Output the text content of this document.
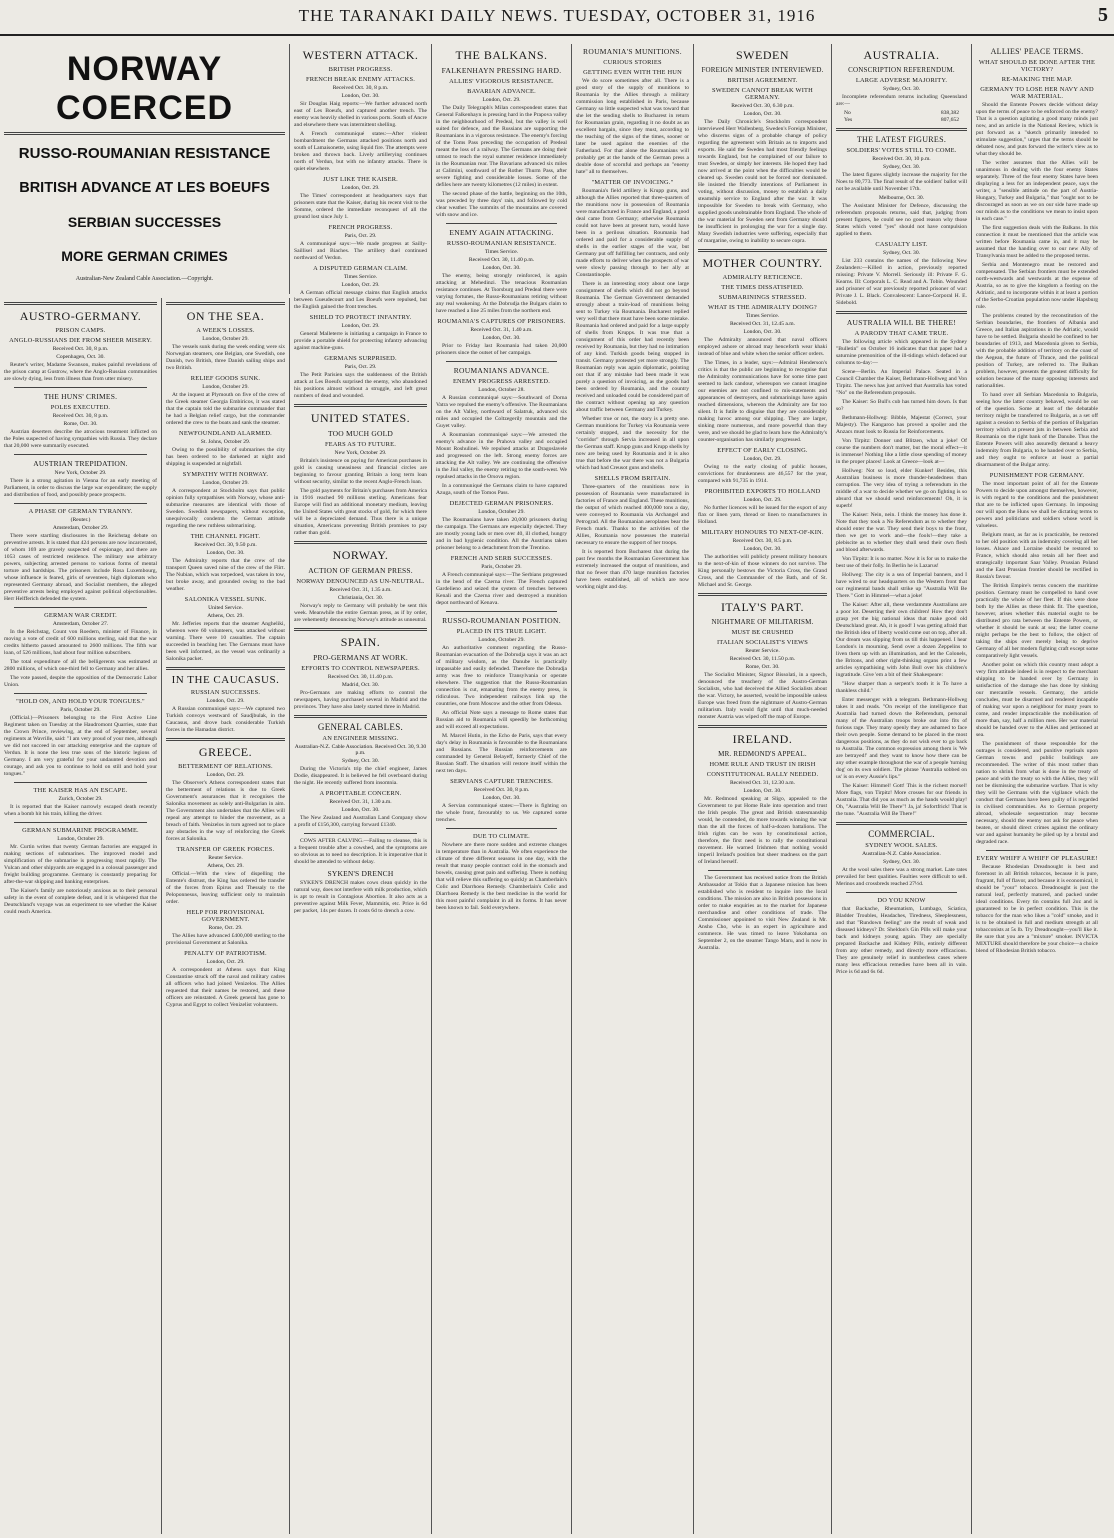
THE TARANAKI DAILY NEWS. TUESDAY, OCTOBER 31, 1916	5
NORWAY COERCED
RUSSO-ROUMANIAN RESISTANCE
BRITISH ADVANCE AT LES BOEUFS
SERBIAN SUCCESSES
MORE GERMAN CRIMES
Australian-New Zealand Cable Association.—Copyright.
AUSTRO-GERMANY.
PRISON CAMPS.
ANGLO-RUSSIANS DIE FROM SHEER MISERY.
Received Oct. 30, 8 p.m.
Copenhagen, Oct. 30.

Reuter's writer, Madame Swanson, makes painful revelations of the prison camp at Gustrow, where the Anglo-Russian communities are slowly dying, less from illness than from utter misery.

THE HUNS' CRIMES.
POLES EXECUTED.
Received Oct. 30, 8 p.m.
Rome, Oct. 30.

Austrian deserters describe the atrocious treatment inflicted on the Poles suspected of having sympathies with Russia. They declare that 20,000 were summarily executed.

AUSTRIAN TREPIDATION.
New York, October 29.

There is a strong agitation in Vienna for an early meeting of Parliament, in order to discuss the large war expenditure; the supply and distribution of food, and possibly peace prospects.

A PHASE OF GERMAN TYRANNY.
(Reuter.)
Amsterdam, October 29.

There were startling disclosures in the Reichstag debate on preventive arrests. It is stated that 424 persons are now incarcerated, of whom 169 are gravely suspected of espionage, and there are 1053 cases of restricted residence. The military use arbitrary powers, subjecting arrested persons to various forms of mental torture and hardships. The prisoners include Rosa Luxembourg, whose influence is feared, girls of seventeen, high diplomats who represented Germany abroad, and Socialist members, the alleged preventive arrests being employed against political objectionables. Herr Helfferich defended the system.

GERMAN WAR CREDIT.
Amsterdam, October 27.

In the Reichstag, Count von Roedern, minister of Finance, in moving a vote of credit of 600 millions sterling, said that the war credits hitherto passed amounted to 2600 millions. The fifth war loan, of 526 millions, had about four million subscribers.

The total expenditure of all the belligerents was estimated at 2800 millions, of which one-third fell to Germany and her allies.

The vote passed, despite the opposition of the Democratic Labor Union.

"HOLD ON, AND HOLD YOUR TONGUES."
Paris, October 29.

(Official.)—Prisoners belonging to the First Active Line Regiment taken on Tuesday at the Haudromont Quarries, state that the Crown Prince, reviewing, at the end of September, several regiments at Wavrille, said: "I am very proud of your men, although we did not succeed in our attacking enterprise and the capture of Verdun. It is none the less true sons of the historic legions of Germany. I am very grateful for your undaunted devotion and courage, and ask you to continue to hold on still and hold your tongues."

THE KAISER HAS AN ESCAPE.
Zurich, October 29.

It is reported that the Kaiser narrowly escaped death recently when a bomb hit his train, killing the driver.

GERMAN SUBMARINE PROGRAMME.
London, October 29.

Mr. Curtin writes that twenty German factories are engaged in making sections of submarines. The improved model and simplification of the submarine is progressing most rapidly. The Vulcan and other shipyards are engaged in a colossal passenger and freight building programme. Germany is constantly preparing for after-the-war shipping and banking enterprises.

The Kaiser's family are notoriously anxious as to their personal safety in the event of complete defeat, and it is whispered that the Deutschland's voyage was an experiment to see whether the Kaiser could reach America.

ON THE SEA.
A WEEK'S LOSSES.
London, October 29.

The vessels sunk during the week ending were six Norwegian steamers, one Belgian, one Swedish, one Danish, two British, three Danish sailing ships and two British.

RELIEF GOODS SUNK.
London, October 29.

At the inquest at Plymouth on five of the crew of the Greek steamer Georgia Embiricos, it was stated that the captain told the submarine commander that he had a Belgian relief cargo, but the commander ordered the crew to the boats and sank the steamer.

NEWFOUNDLAND ALARMED.
St. Johns, October 29.

Owing to the possibility of submarines the city has been ordered to be darkened at night and shipping is suspended at nightfall.

SYMPATHY WITH NORWAY.
London, October 29.

A correspondent at Stockholm says that public opinion fully sympathises with Norway, whose anti-submarine measures are identical with those of Sweden. Swedish newspapers, without exception, unequivocally condemn the German attitude regarding the new ruthless submarining.

THE CHANNEL FIGHT.
Received Oct. 30, 9.50 p.m.
London, Oct. 30.

The Admiralty reports that the crew of the transport Queen saved nine of the crew of the Flirt. The Nubian, which was torpedoed, was taken in tow, but broke away, and grounded owing to the bad weather.

SALONIKA VESSEL SUNK.
United Service.
Athens, Oct. 29.

Mr. Jefferies reports that the steamer Angheliki, whereon were 60 volunteers, was attacked without warning. There were 10 casualties. The captain succeeded in beaching her. The Germans must have been well informed, as the vessel was ordinarily a Salonika packet.

IN THE CAUCASUS.
RUSSIAN SUCCESSES.
London, Oct. 29.

A Russian communiqué says:—We captured two Turkish convoys westward of Saudjbulak, in the Caucasus, and drove back considerable Turkish forces in the Hamadan district.

GREECE.
BETTERMENT OF RELATIONS.
London, Oct. 29.

The Observer's Athens correspondent states that the betterment of relations is due to Greek Government's assurances that it recognises the Salonika movement as solely anti-Bulgarian in aim. The Government also undertakes that the Allies will repeal any attempt to hinder the movement, as a breach of faith. Venizelos in turn agreed not to place any obstacles in the way of reinforcing the Greek forces at Salonika.

TRANSFER OF GREEK FORCES.
Reuter Service.
Athens, Oct. 29.

Official.—With the view of dispelling the Entente's distrust, the King has ordered the transfer of the forces from Epirus and Thessaly to the Peloponnesus, leaving sufficient only to maintain order.

HELP FOR PROVISIONAL GOVERNMENT.
Rome, Oct. 29.

The Allies have advanced £400,000 sterling to the provisional Government at Salonika.

PENALTY OF PATRIOTISM.
London, Oct. 29.

A correspondent at Athens says that King Constantine struck off the naval and military cadres all officers who had joined Venizelos. The Allies requested that their names be restored, and these officers are reinstated. A Greek general has gone to Cyprus and Egypt to collect Venizelist volunteers.

WESTERN ATTACK.
BRITISH PROGRESS.
FRENCH BREAK ENEMY ATTACKS.
Received Oct. 30, 8 p.m.
London, Oct. 30.

Sir Douglas Haig reports:—We further advanced north east of Les Boeufs, and captured another trench. The enemy was heavily shelled in various ports. South of Ancre and elsewhere there was intermittent shelling.

A French communiqué states:—After violent bombardment the Germans attacked positions north and south of Lamaisonette, using liquid fire. The attempts were broken and thrown back. Lively artillerying continues north of Verdun, but with no infantry attacks. There is quiet elsewhere.

JUST LIKE THE KAISER.
London, Oct. 29.

The Times' correspondent at headquarters says that prisoners state that the Kaiser, during his recent visit to the Somme, ordered the immediate reconquest of all the ground lost since July 1.

FRENCH PROGRESS.
Paris, Oct. 29.

A communiqué says:—We made progress at Sailly-Saillisel and Biaches. The artillery duel continued northward of Verdun.

A DISPUTED GERMAN CLAIM.
Times Service.
London, Oct. 29.

A German official message claims that English attacks between Gueudecourt and Les Boeufs were repulsed, but the English gained the front trenches.

SHIELD TO PROTECT INFANTRY.
London, Oct. 29.

General Malleterre is initiating a campaign in France to provide a portable shield for protecting infantry advancing against machine-guns.

GERMANS SURPRISED.
Paris, Oct. 29.

The Petit Parisien says the suddenness of the British attack at Les Boeufs surprised the enemy, who abandoned his positions almost without a struggle, and left great numbers of dead and wounded.

UNITED STATES.
TOO MUCH GOLD
FEARS AS TO FUTURE.
New York, October 29.

Britain's insistence on paying for American purchases in gold is causing uneasiness and financial circles are beginning to favour granting Britain a long term loan without security, similar to the recent Anglo-French loan.

The gold payments for Britain's purchases from America in 1916 reached 90 millions sterling. Americans fear Europe will find an additional monetary medium, leaving the United States with great stocks of gold, for which there will be a depreciated demand. Thus there is a unique situation, Americans preventing British promises to pay rather than gold.

NORWAY.
ACTION OF GERMAN PRESS.
NORWAY DENOUNCED AS UN-NEUTRAL.
Received Oct. 31, 1.35 a.m.
Christiania, Oct. 30.

Norway's reply to Germany will probably be sent this week. Meanwhile the entire German press, as if by order, are vehemently denouncing Norway's attitude as unneutral.

SPAIN.
PRO-GERMANS AT WORK.
EFFORTS TO CONTROL NEWSPAPERS.
Received Oct. 30, 11.40 p.m.
Madrid, Oct. 30.

Pro-Germans are making efforts to control the newspapers, having purchased several in Madrid and the provinces. They have also lately started three in Madrid.

GENERAL CABLES.
AN ENGINEER MISSING.
Australian-N.Z. Cable Association. Received Oct. 30, 9.30 p.m.
Sydney, Oct. 30.

During the Victoria's trip the chief engineer, James Dodie, disappeared. It is believed he fell overboard during the night. He recently suffered from insomnia.

A PROFITABLE CONCERN.
Received Oct. 31, 1.30 a.m.
London, Oct. 30.

The New Zealand and Australian Land Company show a profit of £156,300, carrying forward £1340.

COWS AFTER CALVING.—Failing to cleanse, this is a frequent trouble after a cowshed, and the symptoms are so obvious as to need no description. It is imperative that it should be attended to without delay.

SYKEN'S DRENCH

SYKEN'S DRENCH makes cows clean quickly in the natural way, does not interfere with milk production, which is apt to result in Contagious Abortion. It also acts as a preventive against Milk Fever, Mammitis, etc. Price is 6d per packet, 14s per dozen. It costs 6d to drench a cow.

THE BALKANS.
FALKENHAYN PRESSING HARD.
ALLIES' VIGOROUS RESISTANCE.
BAVARIAN ADVANCE.
London, Oct. 29.

The Daily Telegraph's Milan correspondent states that General Falkenhayn is pressing hard in the Prapova valley in the neighbourhood of Predeal, but the valley is well suited for defence, and the Russians are supporting the Roumanians in a vigorous resistance. The enemy's forcing of the Toms Pass preceding the occupation of Predeal meant the loss of a railway. The Germans are doing their utmost to reach the royal summer residence immediately in the Roumanian rear. The Bavarians advanced six miles at Calimini, southward of the Rother Thurm Pass, after severe fighting and considerable losses. Some of the defiles here are twenty kilometres (12 miles) in extent.

The second phase of the battle, beginning on the 10th, was preceded by three days' rain, and followed by cold clear weather. The summits of the mountains are covered with snow and ice.

ENEMY AGAIN ATTACKING.
RUSSO-ROUMANIAN RESISTANCE.
Times Service.
Received Oct. 30, 11.40 p.m.
London, Oct. 30.

The enemy, being strongly reinforced, is again attacking at Mehedinzi. The tenacious Roumanian resistance continues. At Tsorsburg and Predeal there were varying fortunes, the Russo-Roumanians retiring without any real weakening. At the Dobrudja the Bulgars claim to have reached a line 25 miles from the northern end.

ROUMANIA'S CAPTURES OF PRISONERS.
Received Oct. 31, 1.40 a.m.
London, Oct. 30.

Prior to Friday last Roumania had taken 20,000 prisoners since the outset of her campaign.

ROUMANIANS ADVANCE.
ENEMY PROGRESS ARRESTED.
London, October 28.

A Russian communiqué says:—Southward of Dorna Vatra we repulsed the enemy's offensive. The Roumanians on the Alt Valley, northward of Salatruk, advanced six miles and occupied the Coltzegerily mountain and the Guyet valley.

A Roumanian communiqué says:—We arrested the enemy's advance in the Prahova valley and occupied Mount Roshulinei. We repulsed attacks at Dragoslavele and progressed on the left. Strong enemy forces are attacking the Alt valley. We are continuing the offensive in the Jiul valley, the enemy retiring to the south-west. We repulsed attacks in the Orsova region.

In a communiqué the Germans claim to have captured Azuga, south of the Tomos Pass.

DEJECTED GERMAN PRISONERS.
London, October 29.

The Roumanians have taken 20,000 prisoners during the campaign. The Germans are especially dejected. They are mostly young lads or men over 40, ill clothed, hungry and in bad hygienic condition. All the Austrians taken prisoner belong to a detachment from the Trentino.

FRENCH AND SERB SUCCESSES.
Paris, October 29.

A French communiqué says:—The Serbians progressed in the bend of the Czerna river. The French captured Gardelieno and seized the system of trenches between Kenali and the Czerna river and destroyed a munition depot northward of Kenava.

RUSSO-ROUMANIAN POSITION.
PLACED IN ITS TRUE LIGHT.
London, October 29.

An authoritative comment regarding the Russo-Roumanian evacuation of the Dobrudja says it was an act of military wisdom, as the Danube is practically impassable and easily defended. Therefore the Dobrudja army was free to reinforce Transylvania or operate elsewhere. The suggestion that the Russo-Roumanian connection is cut, emanating from the enemy press, is ridiculous. Two independent railways link up the countries, one from Moscow and the other from Odessa.

An official Note says a message to Rome states that Russian aid to Roumania will speedily be forthcoming and will exceed all expectations.

M. Marcel Hutin, in the Echo de Paris, says that every day's delay in Roumania is favourable to the Roumanians and Russians. The Russian reinforcements are commanded by General Belayeff, formerly Chief of the Russian Staff. The situation will restore itself within the next ten days.

SERVIANS CAPTURE TRENCHES.
Received Oct. 30, 8 p.m.
London, Oct. 30.

A Servian communiqué states:—There is fighting on the whole front, favourably to us. We captured some trenches.

DUE TO CLIMATE.

Nowhere are there more sudden and extreme changes in temperature than in Australia. We often experience the climate of three different seasons in one day, with the result that many people contract cold in the stomach and bowels, causing great pain and suffering. There is nothing that will relieve this suffering so quickly as Chamberlain's Colic and Diarrhoea Remedy. Chamberlain's Colic and Diarrhoea Remedy is the best medicine in the world for this most painful complaint in all its forms. It has never been known to fail. Sold everywhere.

ROUMANIA'S MUNITIONS.
CURIOUS STORIES
GETTING EVEN WITH THE HUN

We do score sometimes after all. There is a good story of the supply of munitions to Roumania by the Allies through a military commission long established in Paris, because Germany so little suspected what was toward that she let the sending shells to Bucharest in return for Roumanian grain, regarding it no doubt as an excellent bargain, since they must, according to the teaching of the signs of the times, sooner or later be used against the enemies of the Fatherland. For that alone the Roumanians will probably get at the hands of the German press a double dose of scornful and perhaps an "enemy hate" all to themselves.

"MATTER OF INVOICING."

Roumania's field artillery is Krupp guns, and although the Allies reported that three-quarters of the munitions now in possession of Roumania were manufactured in France and England, a good deal came from Germany; otherwise Roumania could not have been at present turn, would have been in a perilous situation. Roumania had ordered and paid for a considerable supply of shells in the earlier stages of the war, but Germany put off fulfilling her contracts, and only made efforts to deliver when the prospects of war were slowly passing through to her ally at Constantinople.

There is an interesting story about one large consignment of shells which did not go beyond Roumania. The German Government demanded strongly about a train-load of munitions being sent to Turkey via Roumania. Bucharest replied very well that there must have been some mistake. Roumania had ordered and paid for a large supply of shells from Krupps. It was true that a consignment of this order had recently been received by Roumania, but they had no intimation of any kind. Turkish goods being stopped in transit. Germany protested yet more strongly. The Roumanian reply was again diplomatic, pointing out that if any mistake had been made it was purely a question of invoicing, as the goods had been ordered by Roumania, and the country received and unloaded could be considered part of the contract without opening up any question about traffic between Germany and Turkey.

Whether true or not, the story is a pretty one. German munitions for Turkey via Roumania were certainly stopped, and the necessity for the "corridor" through Servia increased in all upon the German staff. Krupp guns and Krupp shells by now are being used by Roumania and it is also true that before the war there was not a Bulgaria which had had Creusot guns and shells.

SHELLS FROM BRITAIN.

Three-quarters of the munitions now in possession of Roumania were manufactured in factories of France and England. These munitions, the output of which reached 400,000 tons a day, were conveyed to Roumania via Archangel and Petrograd. All the Roumanian aeroplanes bear the French mark. Thanks to the activities of the Allies, Roumania now possesses the material necessary to ensure the support of her troops.

It is reported from Bucharest that during the past few months the Roumanian Government has extremely increased the output of munitions, and that no fewer than 470 large munition factories have been established, all of which are now working night and day.

SWEDEN
FOREIGN MINISTER INTERVIEWED.
BRITISH AGREEMENT.
SWEDEN CANNOT BREAK WITH GERMANY.
Received Oct. 30, 6.30 p.m.
London, Oct. 30.

The Daily Chronicle's Stockholm correspondent interviewed Herr Wallenberg, Sweden's Foreign Minister, who discerns signs of a probable change of policy regarding the agreement with Britain as to imports and exports. He said the Sweden had most friendly feelings towards England, but he complained of our failure to trust Sweden, or simply her interests. He hoped they had now arrived at the point when the difficulties would be cleared up. Sweden could not be forced nor dominated. He insisted the friendly intentions of Parliament in voting, without discussion, money to establish a daily steamship service to England after the war. It was impossible for Sweden to break with Germany, who supplied goods unobtainable from England. The whole of the war material for Sweden sent from Germany should be insufficient in prolonging the war for a single day. Many Swedish industries were suffering, especially that of margarine, owing to inability to secure copra.

MOTHER COUNTRY.
ADMIRALTY RETICENCE.
THE TIMES DISSATISFIED.
SUBMARININGS STRESSED.
WHAT IS THE ADMIRALTY DOING?
Times Service.
Received Oct. 31, 12.45 a.m.
London, Oct. 30.

The Admiralty announced that naval officers employed ashore or abroad may henceforth wear khaki instead of blue and white when the senior officer orders.

The Times, in a leader, says:—Admiral Henderson's critics is that the public are beginning to recognise that the Admiralty communications have for some time past seemed to lack candour, whereupon we cannot imagine our enemies are not confined to mis-statements and appearances of destroyers, and submarinings have again reached dimensions, whereon the Admiralty are far too silent. It is futile to disguise that they are considerably making havoc among our shipping. They are larger, sinking more numerous, and more powerful than they were, and we should be glad to learn how the Admiralty's counter-organisation has similarly progressed.

EFFECT OF EARLY CLOSING.
London, Oct. 29.

Owing to the early closing of public houses, convictions for drunkenness are 46,557 for the year, compared with 91,735 in 1914.

PROHIBITED EXPORTS TO HOLLAND
London, Oct. 29.

No further licences will be issued for the export of any flax or linen yarn, thread or linen to manufacturers in Holland.

MILITARY HONOURS TO NEXT-OF-KIN.
Received Oct. 30, 8.5 p.m.
London, Oct. 30.

The authorities will publicly present military honours to the next-of-kin of those winners do not survive. The King personally bestows the Victoria Cross, the Grand Cross, and the Commander of the Bath, and of St. Michael and St. George.

ITALY'S PART.
NIGHTMARE OF MILITARISM.
MUST BE CRUSHED
ITALIAN SOCIALIST'S VIEWS
Reuter Service.
Received Oct. 30, 11.50 p.m.
Rome, Oct. 30.

The Socialist Minister, Signor Bissolati, in a speech, denounced the treachery of the Austro-German Socialists, who had deceived the Allied Socialists about the war. Victory, he asserted, would be impossible unless Europe was freed from the nightmare of Austro-German militarism. Italy would fight until that much-needed monster Austria was wiped off the map of Europe.

IRELAND.
MR. REDMOND'S APPEAL.
HOME RULE AND TRUST IN IRISH
CONSTITUTIONAL RALLY NEEDED.
Received Oct. 31, 12.30 a.m.
London, Oct. 30.

Mr. Redmond speaking at Sligo, appealed to the Government to put Home Rule into operation and trust the Irish people. The great and British statesmanship would, he contended, do more towards winning the war than the all the forces of half-a-dozen battalions. The Irish rights can be won by constitutional action, therefore, the first need is to rally the constitutional movement. He warned Irishmen that nothing would imperil Ireland's position but sheer madness on the part of Ireland herself.

The Government has received notice from the British Ambassador at Tokio that a Japanese mission has been established who is resident to inquire into the local conditions. The mission are also in British possessions in order to make enquiries as to the market for Japanese merchandise and other conditions of trade. The Commissioner appointed to visit New Zealand is Mr. Ansho Cho, who is an expert in agriculture and commerce. He was timed to leave Yokohama on September 2, on the steamer Tango Maru, and is now in Australia.

AUSTRALIA.
CONSCRIPTION REFERENDUM.
LARGE ADVERSE MAJORITY.
Sydney, Oct. 30.

Incomplete referendum returns including Queensland are:—

No	838,382
Yes	807,652
THE LATEST FIGURES.
SOLDIERS' VOTES STILL TO COME.
Received Oct. 30, 10 p.m.
Sydney, Oct. 30.

The latest figures slightly increase the majority for the Noes to 80,773. The final result of the soldiers' ballot will not be available until November 17th.

Melbourne, Oct. 30.

The Assistant Minister for Defence, discussing the referendum proposals returns, said that, judging from present figures, he could see no good reason why those States which voted "yes" should not have compulsion applied to them.

CASUALTY LIST.
Sydney, Oct. 30.

List 233 contains the names of the following New Zealanders:—Killed in action, previously reported missing: Private V. Morrell. Seriously ill: Private F. G. Kearns. Ill: Corporals L. C. Read and A. Tobin. Wounded and prisoner of war previously reported prisoner of war: Private J. L. Black. Convalescent: Lance-Corporal H. E. Sidebold.

AUSTRALIA WILL BE THERE!
A PARODY THAT CAME TRUE.

The following article which appeared in the Sydney "Bulletin" on October 16 indicates that that paper had a saturnine premonition of the ill-tidings which defaced our columns to-day:—

Scene—Berlin. An Imperial Palace. Seated in a Council Chamber the Kaiser, Bethmann-Hollweg and Von Tirpitz. The news has just arrived that Australia has voted "No" on the Referendum proposals.

The Kaiser: So Bull's cub has turned him down. Is that so?

Bethmann-Hollweg: Bibble, Majestat (Correct, your Majesty). The Kangaroo has proved a spoiler and the Anzacs must look to Russia for Reinforcements.

Von Tirpitz: Donner und Blitzen, what a joke! Of course the numbers don't matter, but the moral effect—it is immense! Nothing like a little close spending of money in the proper places! Look at Greece—look at—

Hollweg: Not so loud, elder Kunker! Besides, this Australian business is more thunder-headedness than corruption. The very idea of trying a referendum in the middle of a war to decide whether we go on fighting is so absurd that we should send reinforcements! Oh, it is superb!

The Kaiser: Nein, nein. I think the money has done it. Note that they took a No Referendum as to whether they should enter the war. They send their boys to the front, then we get to work and—the fools!—they take a plebiscite as to whether they shall send their own flesh and blood afterwards.

Von Tirpitz: It is no matter. Now it is for us to make the best use of their folly. In Berlin he is Lazarus!

Hollweg: The city is a sea of Imperial banners, and I have wired to our headquarters on the Western front that our regimental bands shall strike up "Australia Will Be There." Gott in Himmel—what a joke!

The Kaiser: After all, these verdammte Australians are a poor lot. Deserting their own children! How they don't grasp yet the big national ideas that make good old Deutschland great. Ah, it is good! I was getting afraid that the British idea of liberty would come out on top, after all. Our dream was slipping from us till this happened. I hear London's in mourning. Send over a dozen Zeppelins to liven them up with an illumination, and let the Colonels, the Britons, and other right-thinking organs print a few articles sympathising with John Bull over his children's ingratitude. Give 'em a bit of their Shakespeare:

"How sharper than a serpent's tooth it is To have a thankless child."

Enter messenger with a telegram. Bethmann-Hollweg takes it and reads. "On receipt of the intelligence that Australia had turned down the Referendum, personal many of the Australian troops broke out into fits of furious rage. They many openly they are ashamed to face their own people. Some demand to be placed in the most dangerous positions, as they do not wish ever to go back to Australia. The common expression among them is 'We are betrayed!' and they want to know how there can be any other example throughout the war of a people 'turning dog' on its own soldiers. The phrase 'Australia sobbed on us' is on every Aussie's lips."

The Kaiser: Himmel! Gott! This is the richest morsel! More flags, von Tirpitz! More crosses for our friends in Australia. That did you as much as the hands would play! Oh, "Australia Will Be There"! Ja, ja! Sofortfrick! That is the tune. "Australia Will Be There!"

COMMERCIAL.
SYDNEY WOOL SALES.
Australian-N.Z. Cable Association.
Sydney, Oct. 30.

At the wool sales there was a strong market. Late rates prevailed for best qualities. Faulties were difficult to sell. Merinos and crossbreds reached 27½d.

DO YOU KNOW

that Backache, Rheumatism, Lumbago, Sciatica, Bladder Troubles, Headaches, Tiredness, Sleeplessness, and that "Rundown feeling" are the result of weak and diseased kidneys? Dr. Sheldon's Gin Pills will make your back and kidneys young again. They are specially prepared Backache and Kidney Pills, entirely different from any other remedy, and directly more efficacious. They are genuinely relief in numberless cases where many less efficacious remedies have been all in vain. Price is 6d and 6s 6d.

ALLIES' PEACE TERMS.
WHAT SHOULD BE DONE AFTER THE VICTORY?
RE-MAKING THE MAP.
GERMANY TO LOSE HER NAVY AND WAR MATERIAL.

Should the Entente Powers decide without delay upon the terms of peace to be enforced on the enemy? That is a question agitating a good many minds just now, and an article in the National Review, which is put forward as a "sketch primarily intended to stimulate suggestion," urges that the terms should be debated now, and puts forward the writer's view as to what they should be.

The writer assumes that the Allies will be unanimous in dealing with the four enemy States separately. Three of the four enemy States have been displaying a less for an independent peace, says the writer, a "sensible attitude on the part of Austria-Hungary, Turkey and Bulgaria," that "ought not to be discouraged as soon as we on our side have made up our minds as to the conditions we mean to insist upon in each case."

The first suggestion deals with the Balkans. In this connection it must be mentioned that the article was written before Roumania came in, and it may be assumed that the handing over to our new Ally of Transylvania must be added to the proposed terms.

Serbia and Montenegro must be restored and compensated. The Serbian frontiers must be extended north-westwards and westwards at the expense of Austria, so as to give the kingdom a footing on the Adriatic, and to incorporate within it at least a portion of the Serbo-Croatian population now under Hapsburg rule.

The problems created by the reconstitution of the Serbian boundaries, the frontiers of Albania and Greece, and Italian aspirations in the Adriatic, would have to be settled. Bulgaria should be confined to her boundaries of 1913, and Macedonia given to Serbia, with the probable addition of territory on the coast of the Aegean, the future of Thrace, and the political position of Turkey, are referred to. The Balkan problem, however, presents the greatest difficulty for solution because of the many opposing interests and nationalities.

To hand over all Serbian Macedonia to Bulgaria, seeing how the latter country behaved, would be out of the question. Some at least of the debatable territory might be transferred to Bulgaria, as a set off against a cession to Serbia of the portion of Bulgarian territory which at present juts in between Serbia and Roumania on the right bank of the Danube. Thus the Entente Powers will also assuredly demand a heavy indemnity from Bulgaria, to be handed over to Serbia, and they ought to enforce at least a partial disarmament of the Bulgar army.

PUNISHMENT FOR GERMANY.

The most important point of all for the Entente Powers to decide upon amongst themselves, however, is with regard to the conditions and the punishment that are to be inflicted upon Germany. In imposing our will upon the Huns we shall be dictating terms to powers and politicians and soldiers whose word is valueless.

Belgium must, as far as is practicable, be restored to her old position with an indemnity covering all her losses. Alsace and Lorraine should be restored to France, which should also retain all her fleet and strategically important Saar Valley. Prussian Poland and the East Prussian frontier should be rectified in Russia's favour.

The British Empire's terms concern the maritime position. Germany must be compelled to hand over practically the whole of her fleet. If this were done both by the Allies as these think fit. The question, however, arises whether this material ought to be distributed pro rata between the Entente Powers, or whether it should be sunk at sea; the latter course might perhaps be the best to follow, the object of taking the ships over merely being to deprive Germany of all her modern fighting craft except some comparatively light vessels.

Another point on which this country must adopt a very firm attitude indeed is in respect to the merchant shipping to be handed over by Germany in satisfaction of the damage she has done by sinking our mercantile vessels. Germany, the article concludes, must be disarmed and rendered incapable of making war upon a neighbour for many years to come, and render impracticable the mobilisation of more than, say, half a million men. Her war material should be handed over to the Allies and jettisoned at sea.

The punishment of those responsible for the outrages is considered, and punitive reprisals upon German towns and public buildings are recommended. The writer of this most rather than nation to shrink from what is done in the treaty of peace and with the treaty so with the Allies, they will not be dismissing the submarine warfare. That is why they will be Germans with the vigilance which the conduct that Germans have been guilty of is regarded in civilised communities. As to German property abroad, wholesale sequestration may become necessary, should the enemy not ask for peace when beaten, or should direct crimes against the ordinary war and against humanity be piled up by a brutal and degraded race.

EVERY WHIFF A WHIFF OF PLEASURE!

Because Rhodesian Dreadnought is best and foremost in all British tobaccos, because it is pure, fragrant, full of flavor, and because it is economical, it should be "your" tobacco. Dreadnought is just the natural leaf, perfectly matured, and packed under ideal conditions. Every tin contains full 2oz and is guaranteed to be in perfect condition. This is the tobacco for the man who likes a "cold" smoke, and it is to be obtained in full and medium strength at all tobacconists at 5s lb. Try Dreadnought—you'll like it. Be sure that you are a "mixture" smoker. INVICTA MIXTURE should therefore be your choice—a choice blend of Rhodesian British tobacco.
